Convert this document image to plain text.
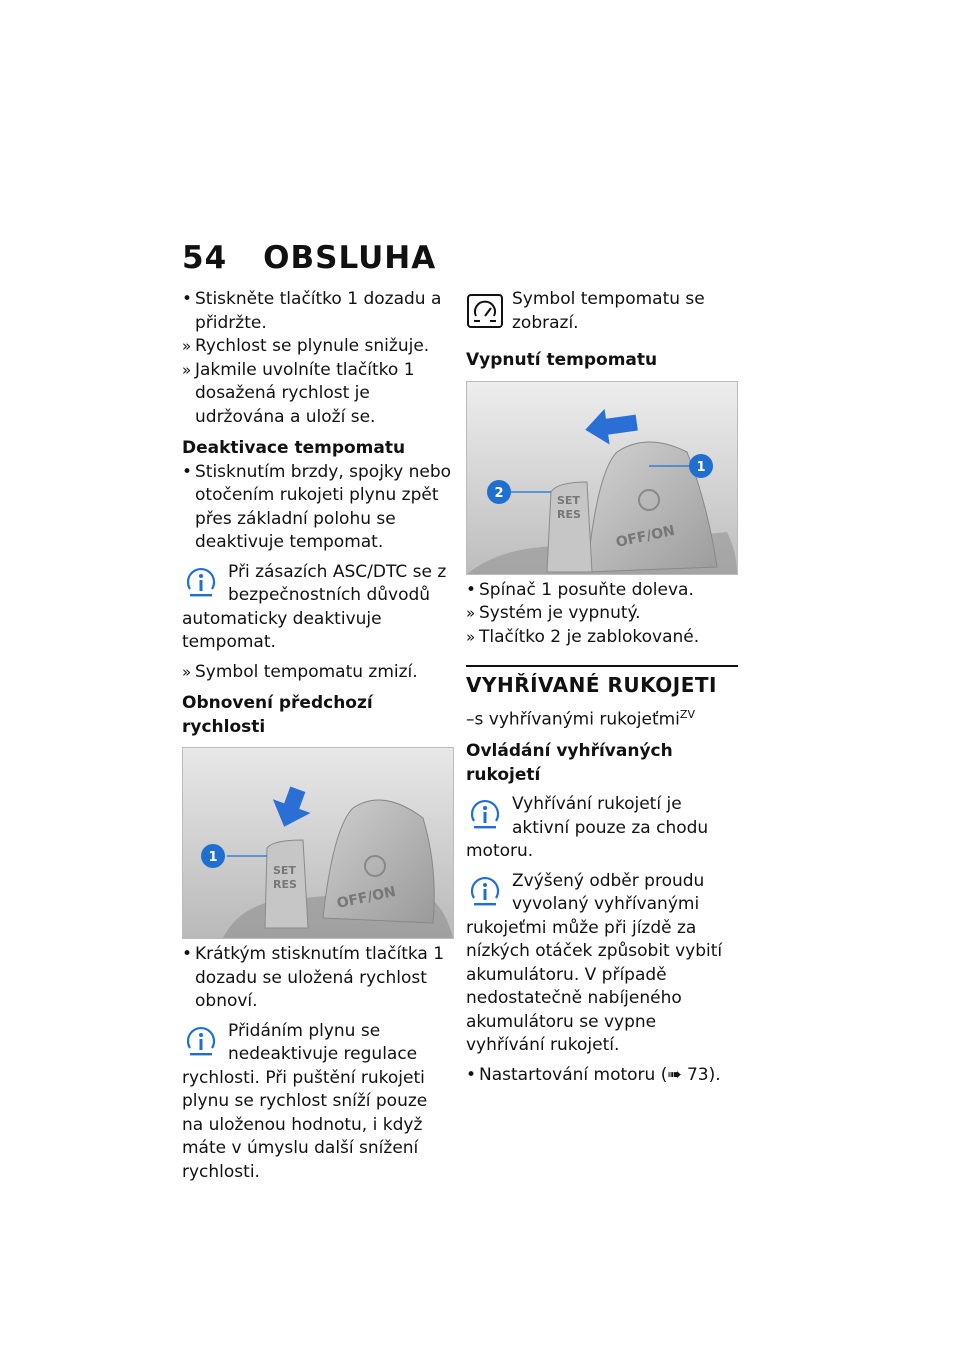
54 OBSLUHA
• Stiskněte tlačítko 1 dozadu a přidržte.
» Rychlost se plynule snižuje.
» Jakmile uvolníte tlačítko 1 dosažená rychlost je udržována a uloží se.
Deaktivace tempomatu
• Stisknutím brzdy, spojky nebo otočením rukojeti plynu zpět přes základní polohu se deaktivuje tempomat.
Při zásazích ASC/DTC se z bezpečnostních důvodů automaticky deaktivuje tempomat.
» Symbol tempomatu zmizí.
Obnovení předchozí rychlosti
SET
RES	OFF/ON
1
• Krátkým stisknutím tlačítka 1 dozadu se uložená rychlost obnoví.
Přidáním plynu se nedeaktivuje regulace rychlosti. Při puštění rukojeti plynu se rychlost sníží pouze na uloženou hodnotu, i když máte v úmyslu další snížení rychlosti.
Symbol tempomatu se zobrazí.
Vypnutí tempomatu
SET
RES
OFF/ON
1
2
• Spínač 1 posuňte doleva.
» Systém je vypnutý.
» Tlačítko 2 je zablokované.
VYHŘÍVANÉ RUKOJETI
–s vyhřívanými rukojeťmi$^{ZV}$
Ovládání vyhřívaných rukojetí
Vyhřívání rukojetí je aktivní pouze za chodu motoru.
Zvýšený odběr proudu vyvolaný vyhřívanými rukojeťmi může při jízdě za nízkých otáček způsobit vybití akumulátoru. V případě nedostatečně nabíjeného akumulátoru se vypne vyhřívání rukojetí.
• Nastartování motoru (➠ 73).
